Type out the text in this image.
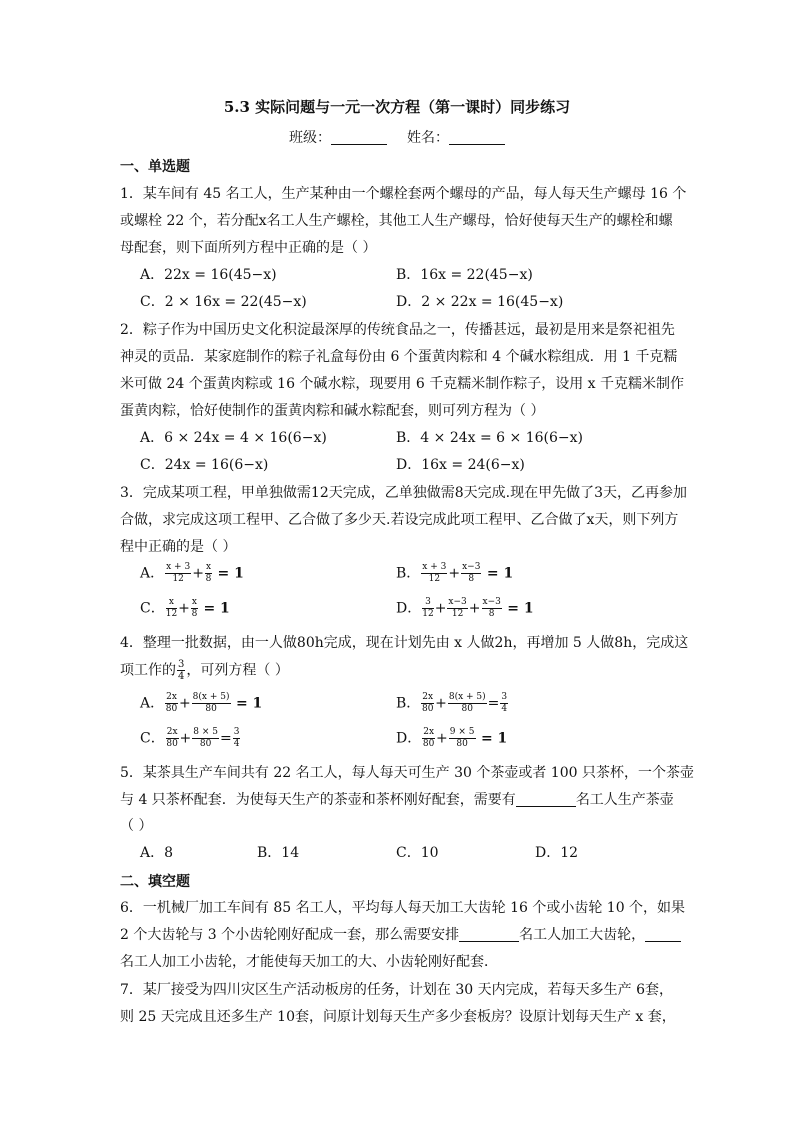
5.3 实际问题与一元一次方程（第一课时）同步练习
班级：	姓名：
一、单选题
1．某车间有 45 名工人，生产某种由一个螺栓套两个螺母的产品，每人每天生产螺母 16 个
或螺栓 22 个，若分配x名工人生产螺栓，其他工人生产螺母，恰好使每天生产的螺栓和螺
母配套，则下面所列方程中正确的是（ ）
A．22x = 16(45−x)	B．16x = 22(45−x)
C．2 × 16x = 22(45−x)	D．2 × 22x = 16(45−x)
2．粽子作为中国历史文化积淀最深厚的传统食品之一，传播甚远，最初是用来是祭祀祖先
神灵的贡品．某家庭制作的粽子礼盒每份由 6 个蛋黄肉粽和 4 个碱水粽组成．用 1 千克糯
米可做 24 个蛋黄肉粽或 16 个碱水粽，现要用 6 千克糯米制作粽子，设用 x 千克糯米制作
蛋黄肉粽，恰好使制作的蛋黄肉粽和碱水粽配套，则可列方程为（ ）
A．6 × 24x = 4 × 16(6−x)	B．4 × 24x = 6 × 16(6−x)
C．24x = 16(6−x)	D．16x = 24(6−x)
3．完成某项工程，甲单独做需12天完成，乙单独做需8天完成.现在甲先做了3天，乙再参加
合做，求完成这项工程甲、乙合做了多少天.若设完成此项工程甲、乙合做了x天，则下列方
程中正确的是（ ）
A． $\frac{x + 3}{12} + \frac{x}{8} = 1$	B． $\frac{x + 3}{12} + \frac{x-3}{8} = 1$
C． $\frac{x}{12} + \frac{x}{8} = 1$	D． $\frac{3}{12} + \frac{x-3}{12} + \frac{x-3}{8} = 1$
4．整理一批数据，由一人做80h完成，现在计划先由 x 人做2h，再增加 5 人做8h，完成这
项工作的 $\frac{3}{4}$ ，可列方程（ ）
A． $\frac{2x}{80} + \frac{8(x + 5)}{80} = 1$	B． $\frac{2x}{80} + \frac{8(x + 5)}{80} = \frac{3}{4}$
C． $\frac{2x}{80} + \frac{8 \times 5}{80} = \frac{3}{4}$	D． $\frac{2x}{80} + \frac{9 \times 5}{80} = 1$
5．某茶具生产车间共有 22 名工人，每人每天可生产 30 个茶壶或者 100 只茶杯，一个茶壶
与 4 只茶杯配套．为使每天生产的茶壶和茶杯刚好配套，需要有	名工人生产茶壶
（ ）
A．8	B．14	C．10	D．12
二、填空题
6．一机械厂加工车间有 85 名工人，平均每人每天加工大齿轮 16 个或小齿轮 10 个，如果
2 个大齿轮与 3 个小齿轮刚好配成一套，那么需要安排	名工人加工大齿轮，
名工人加工小齿轮，才能使每天加工的大、小齿轮刚好配套．
7．某厂接受为四川灾区生产活动板房的任务，计划在 30 天内完成，若每天多生产 6套，
则 25 天完成且还多生产 10套，问原计划每天生产多少套板房？设原计划每天生产 x 套，
